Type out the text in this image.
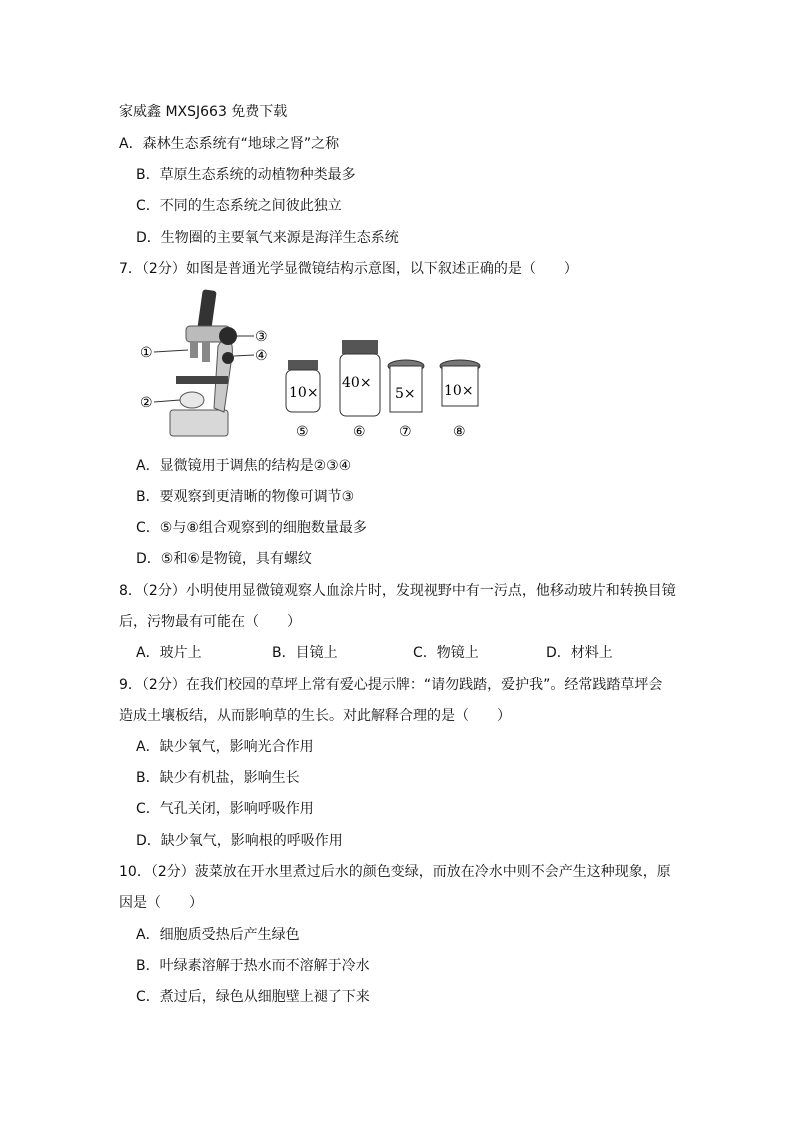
家威鑫 MXSJ663 免费下载
A．森林生态系统有“地球之肾”之称
B．草原生态系统的动植物种类最多
C．不同的生态系统之间彼此独立
D．生物圈的主要氧气来源是海洋生态系统
7．（2分）如图是普通光学显微镜结构示意图，以下叙述正确的是（　　）
①
②
③
④
10×
⑤
40×
⑥
5×
⑦
10×
⑧
A．显微镜用于调焦的结构是②③④
B．要观察到更清晰的物像可调节③
C．⑤与⑧组合观察到的细胞数量最多
D．⑤和⑥是物镜，具有螺纹
8．（2分）小明使用显微镜观察人血涂片时，发现视野中有一污点，他移动玻片和转换目镜
后，污物最有可能在（　　）
A．玻片上	B．目镜上	C．物镜上	D．材料上
9．（2分）在我们校园的草坪上常有爱心提示牌：“请勿践踏，爱护我”。经常践踏草坪会
造成土壤板结，从而影响草的生长。对此解释合理的是（　　）
A．缺少氧气，影响光合作用
B．缺少有机盐，影响生长
C．气孔关闭，影响呼吸作用
D．缺少氧气，影响根的呼吸作用
10．（2分）菠菜放在开水里煮过后水的颜色变绿，而放在冷水中则不会产生这种现象，原
因是（　　）
A．细胞质受热后产生绿色
B．叶绿素溶解于热水而不溶解于冷水
C．煮过后，绿色从细胞壁上褪了下来
